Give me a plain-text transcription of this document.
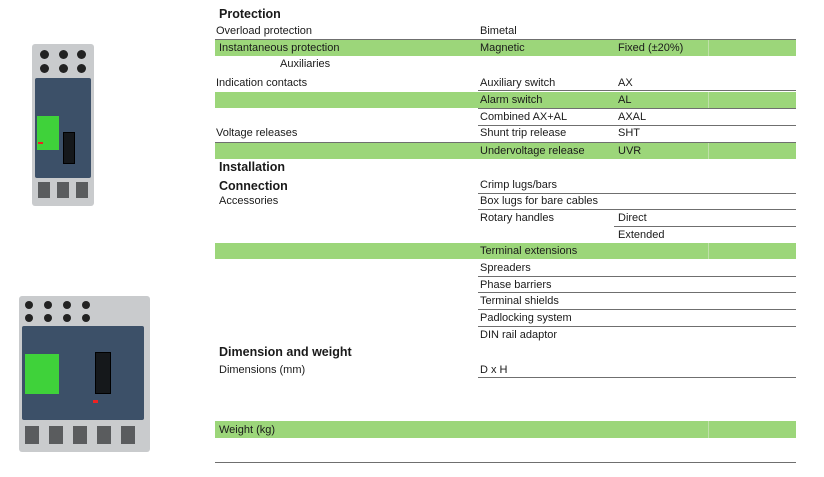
Protection
Installation
Connection
Dimension and weight
Overload protection
Instantaneous protection
Auxiliaries
Indication contacts
Voltage releases
Accessories
Dimensions (mm)
Weight (kg)
Bimetal
Magnetic
Auxiliary switch
Alarm switch
Combined AX+AL
Shunt trip release
Undervoltage release
Crimp lugs/bars
Box lugs for bare cables
Rotary handles
Terminal extensions
Spreaders
Phase barriers
Terminal shields
Padlocking system
DIN rail adaptor
D x H
Fixed (±20%)
AX
AL
AXAL
SHT
UVR
Direct
Extended
